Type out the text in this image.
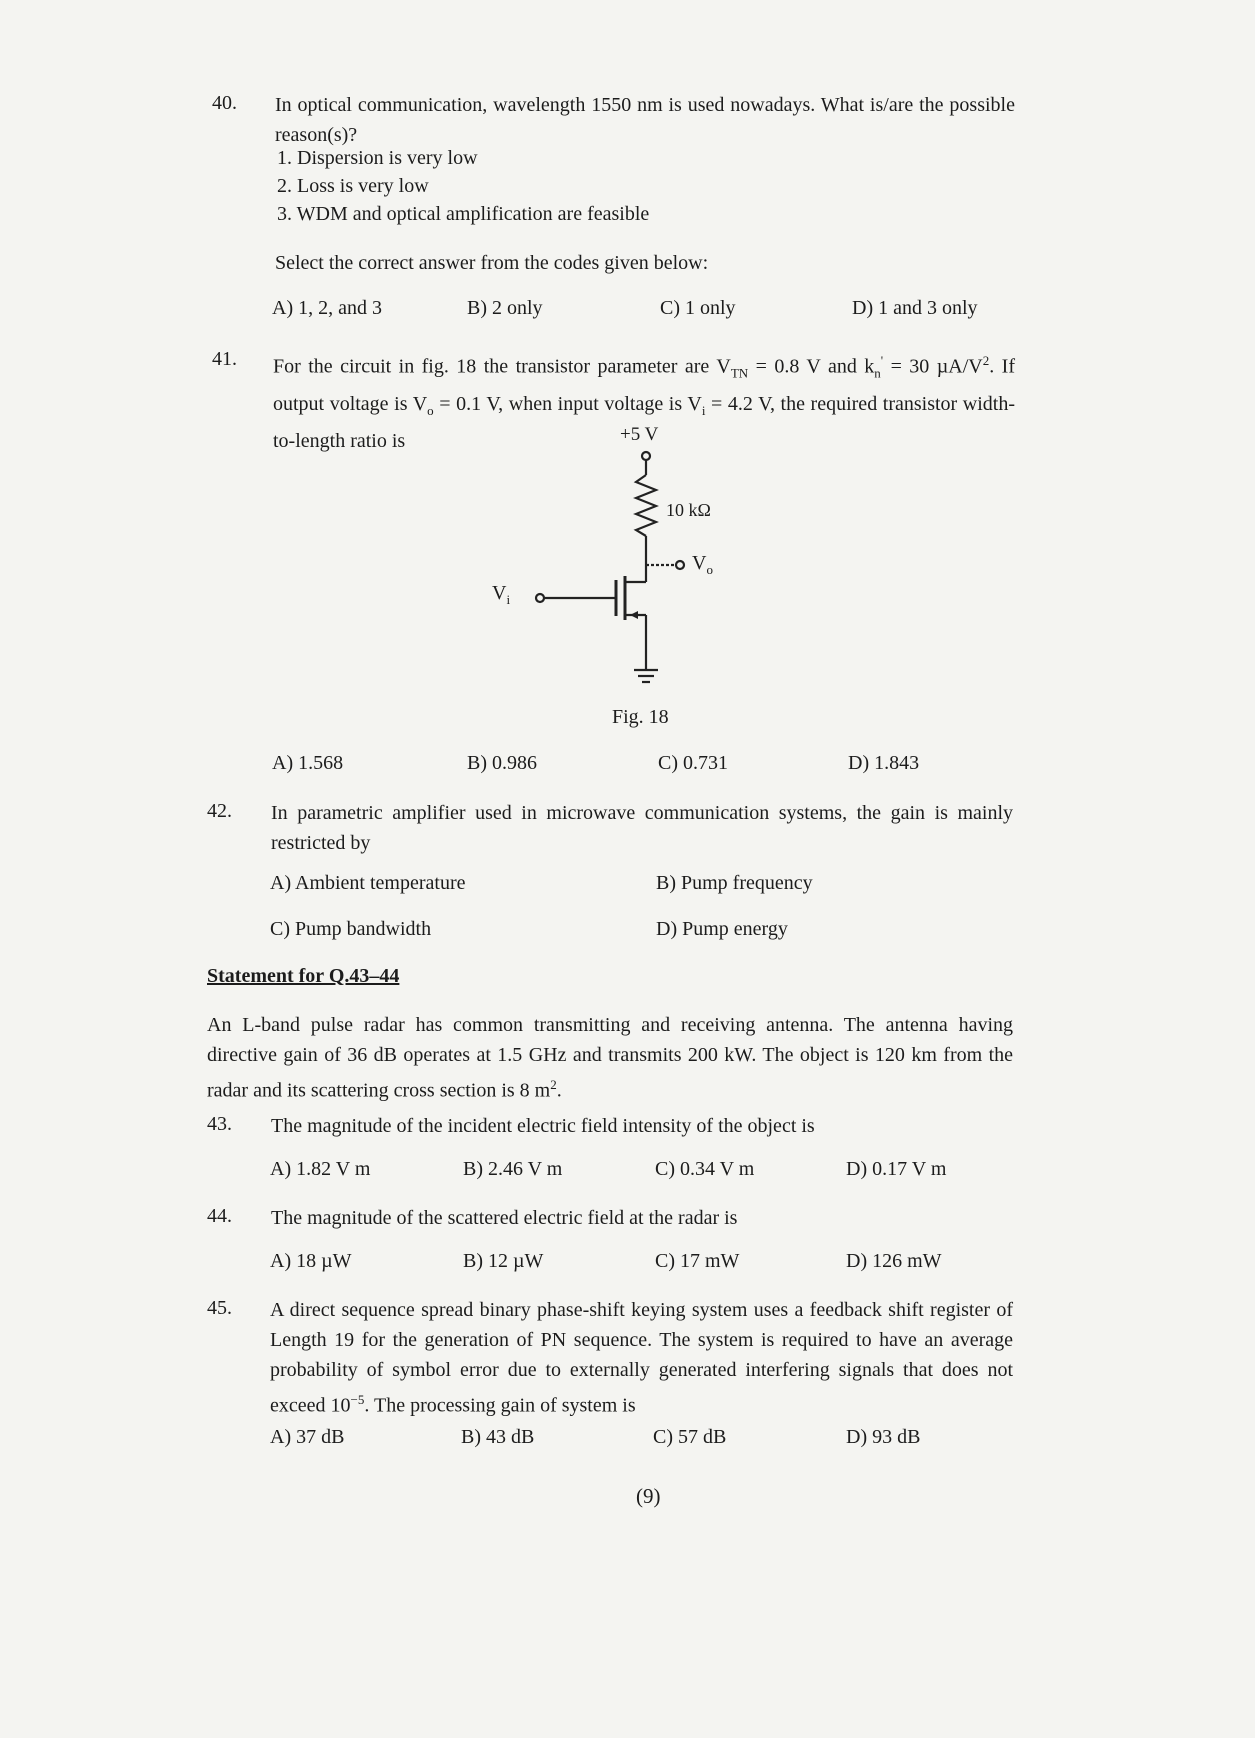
40. In optical communication, wavelength 1550 nm is used nowadays. What is/are the possible reason(s)?
1. Dispersion is very low
2. Loss is very low
3. WDM and optical amplification are feasible
Select the correct answer from the codes given below:
A) 1, 2, and 3	B) 2 only	C) 1 only	D) 1 and 3 only
41. For the circuit in fig. 18 the transistor parameter are $V_{TN} = 0.8$ V and $k_n' = 30$ $\mu A/V^2$. If output voltage is $V_o = 0.1$ V, when input voltage is $V_i = 4.2$ V, the required transistor width-to-length ratio is	+5 V
10 kΩ
$V_o$
$V_i$
Fig. 18
A) 1.568	B) 0.986	C) 0.731	D) 1.843
42. In parametric amplifier used in microwave communication systems, the gain is mainly restricted by
A) Ambient temperature	B) Pump frequency
C) Pump bandwidth	D) Pump energy
Statement for Q.43–44
An L-band pulse radar has common transmitting and receiving antenna. The antenna having directive gain of 36 dB operates at 1.5 GHz and transmits 200 kW. The object is 120 km from the radar and its scattering cross section is 8 $m^2$.
43. The magnitude of the incident electric field intensity of the object is
A) 1.82 V m	B) 2.46 V m	C) 0.34 V m	D) 0.17 V m
44. The magnitude of the scattered electric field at the radar is
A) 18 µW	B) 12 µW	C) 17 mW	D) 126 mW
45. A direct sequence spread binary phase-shift keying system uses a feedback shift register of Length 19 for the generation of PN sequence. The system is required to have an average probability of symbol error due to externally generated interfering signals that does not exceed $10^{-5}$. The processing gain of system is
A) 37 dB	B) 43 dB	C) 57 dB	D) 93 dB
(9)
